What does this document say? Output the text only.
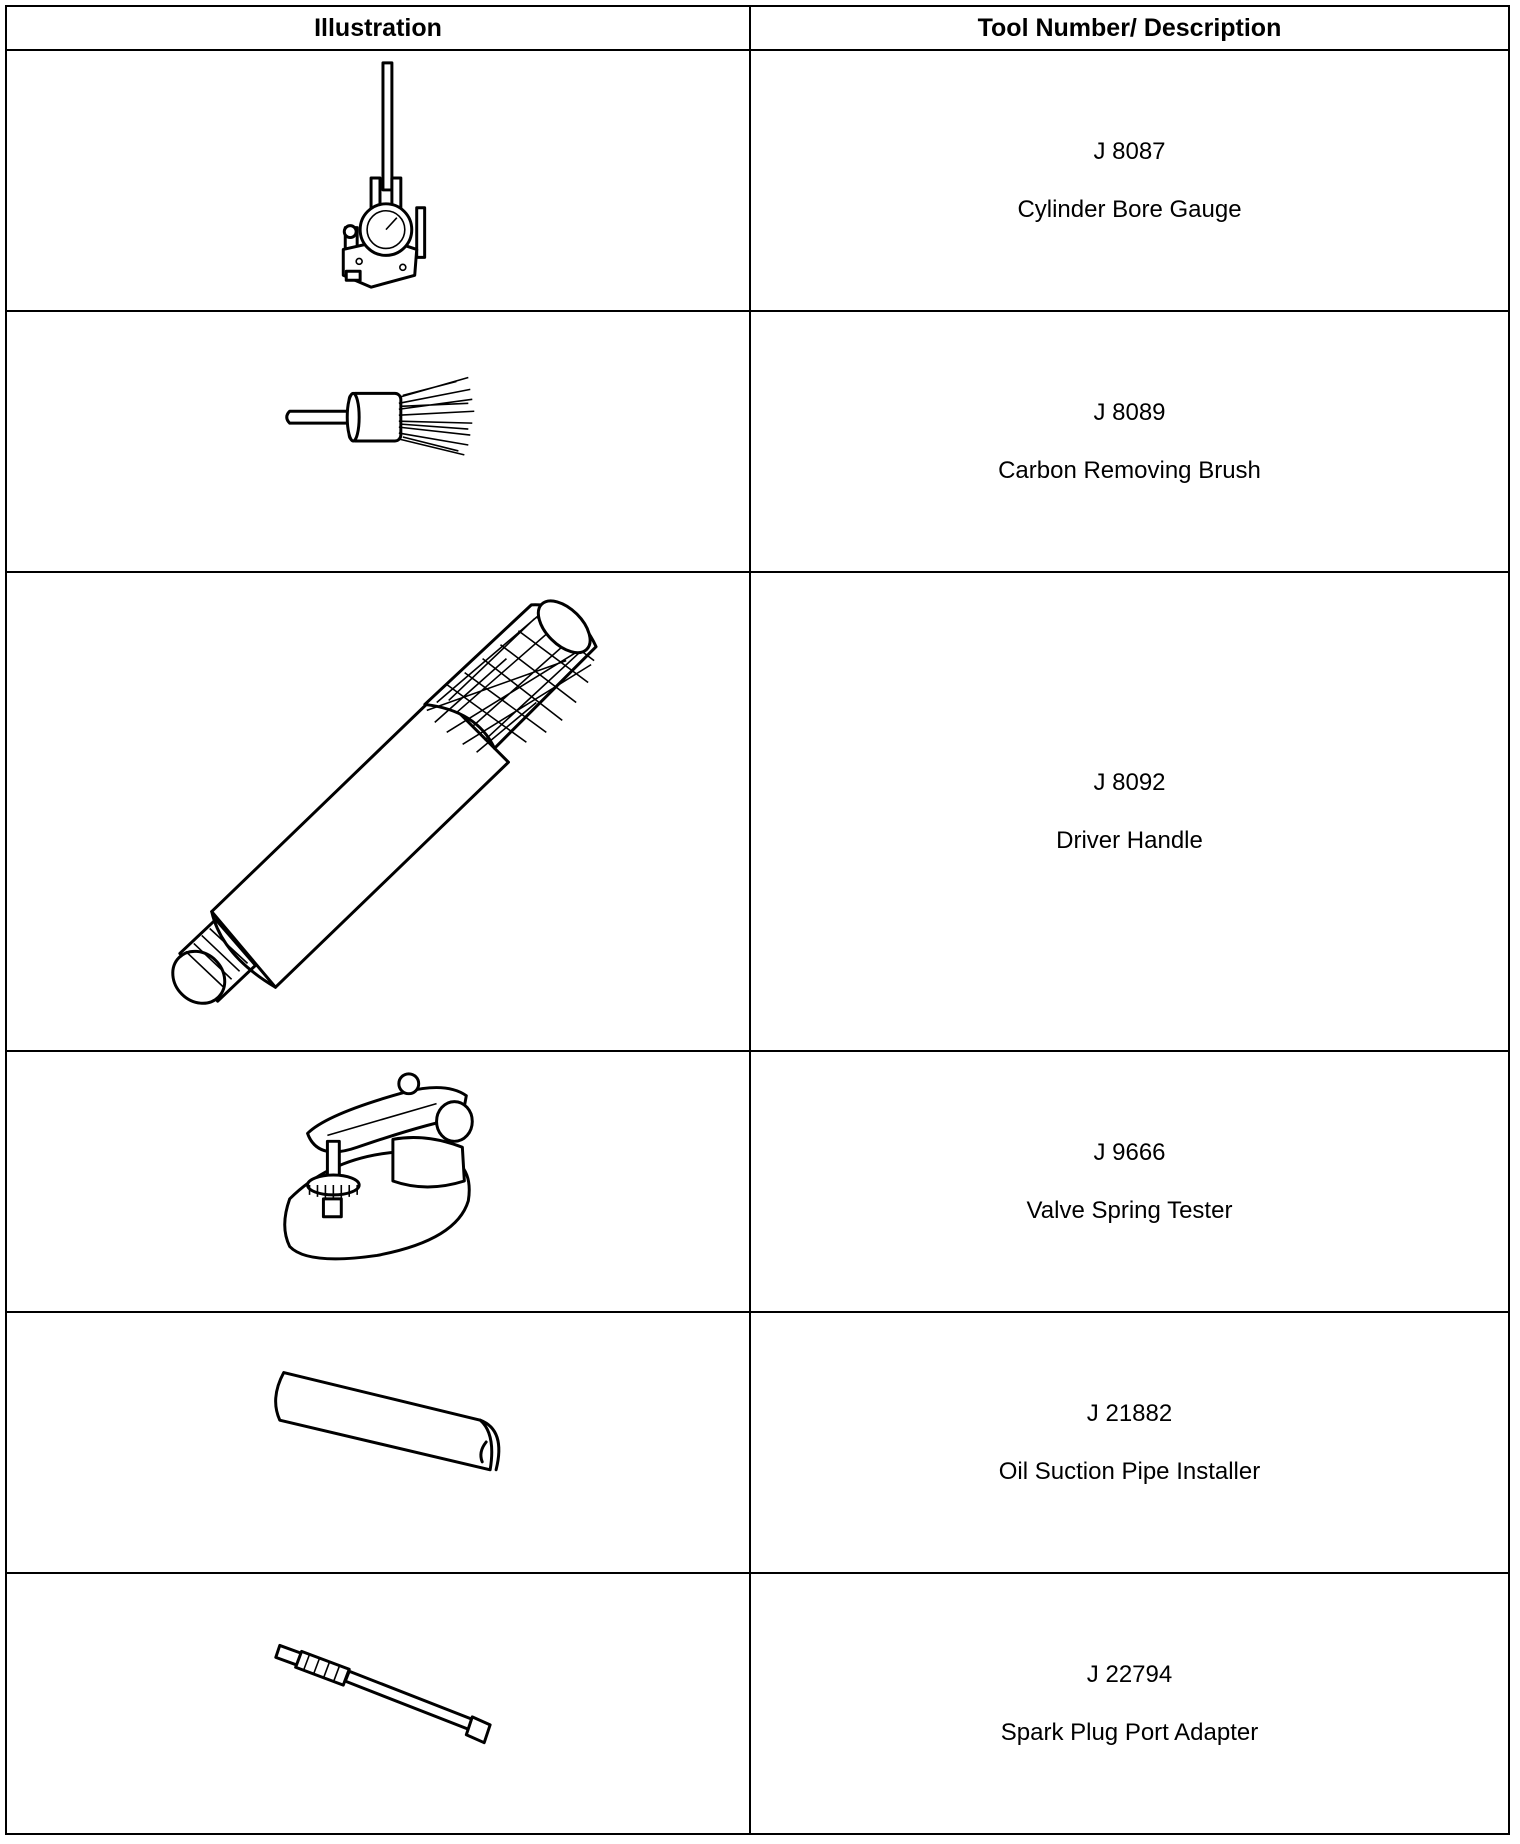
Illustration	Tool Number/ Description

J 8087
Cylinder Bore Gauge

J 8089
Carbon Removing Brush

J 8092
Driver Handle

J 9666
Valve Spring Tester

J 21882
Oil Suction Pipe Installer

J 22794
Spark Plug Port Adapter
